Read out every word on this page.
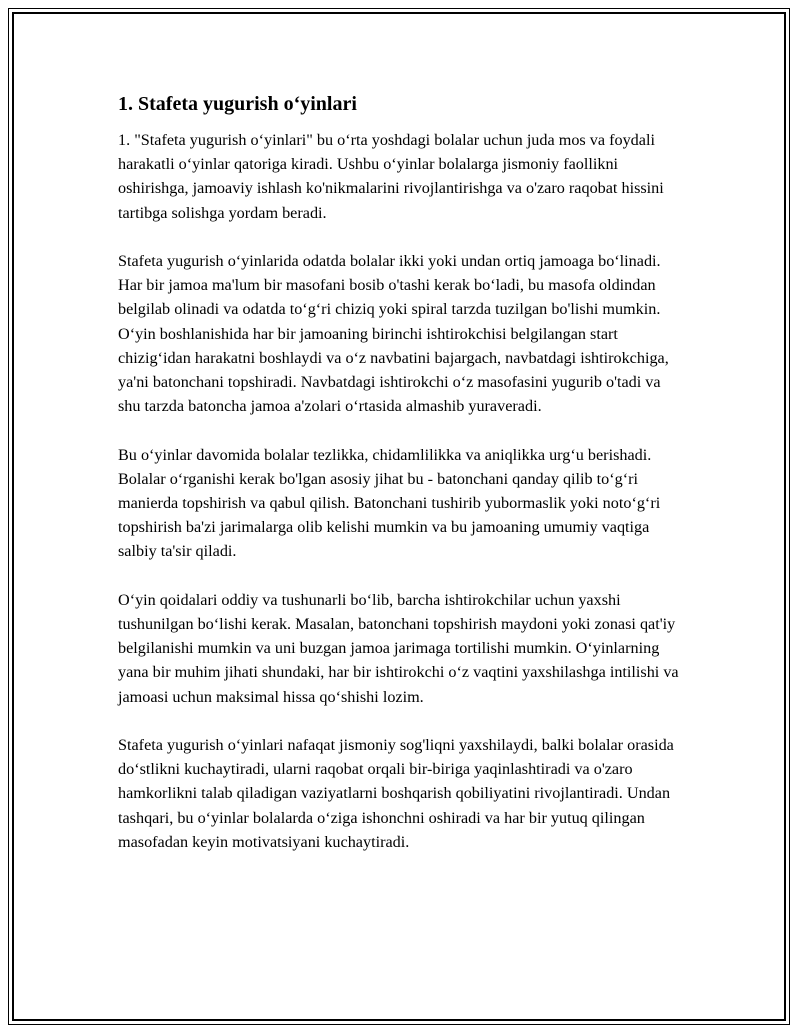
1. Stafeta yugurish o‘yinlari

1. "Stafeta yugurish o‘yinlari" bu o‘rta yoshdagi bolalar uchun juda mos va foydali harakatli o‘yinlar qatoriga kiradi. Ushbu o‘yinlar bolalarga jismoniy faollikni oshirishga, jamoaviy ishlash ko'nikmalarini rivojlantirishga va o'zaro raqobat hissini tartibga solishga yordam beradi.

Stafeta yugurish o‘yinlarida odatda bolalar ikki yoki undan ortiq jamoaga bo‘linadi. Har bir jamoa ma'lum bir masofani bosib o'tashi kerak bo‘ladi, bu masofa oldindan belgilab olinadi va odatda to‘g‘ri chiziq yoki spiral tarzda tuzilgan bo'lishi mumkin. O‘yin boshlanishida har bir jamoaning birinchi ishtirokchisi belgilangan start chizig‘idan harakatni boshlaydi va o‘z navbatini bajargach, navbatdagi ishtirokchiga, ya'ni batonchani topshiradi. Navbatdagi ishtirokchi o‘z masofasini yugurib o'tadi va shu tarzda batoncha jamoa a'zolari o‘rtasida almashib yuraveradi.

Bu o‘yinlar davomida bolalar tezlikka, chidamlilikka va aniqlikka urg‘u berishadi. Bolalar o‘rganishi kerak bo'lgan asosiy jihat bu - batonchani qanday qilib to‘g‘ri manierda topshirish va qabul qilish. Batonchani tushirib yubormaslik yoki noto‘g‘ri topshirish ba'zi jarimalarga olib kelishi mumkin va bu jamoaning umumiy vaqtiga salbiy ta'sir qiladi.

O‘yin qoidalari oddiy va tushunarli bo‘lib, barcha ishtirokchilar uchun yaxshi tushunilgan bo‘lishi kerak. Masalan, batonchani topshirish maydoni yoki zonasi qat'iy belgilanishi mumkin va uni buzgan jamoa jarimaga tortilishi mumkin. O‘yinlarning yana bir muhim jihati shundaki, har bir ishtirokchi o‘z vaqtini yaxshilashga intilishi va jamoasi uchun maksimal hissa qo‘shishi lozim.

Stafeta yugurish o‘yinlari nafaqat jismoniy sog'liqni yaxshilaydi, balki bolalar orasida do‘stlikni kuchaytiradi, ularni raqobat orqali bir-biriga yaqinlashtiradi va o'zaro hamkorlikni talab qiladigan vaziyatlarni boshqarish qobiliyatini rivojlantiradi. Undan tashqari, bu o‘yinlar bolalarda o‘ziga ishonchni oshiradi va har bir yutuq qilingan masofadan keyin motivatsiyani kuchaytiradi.
